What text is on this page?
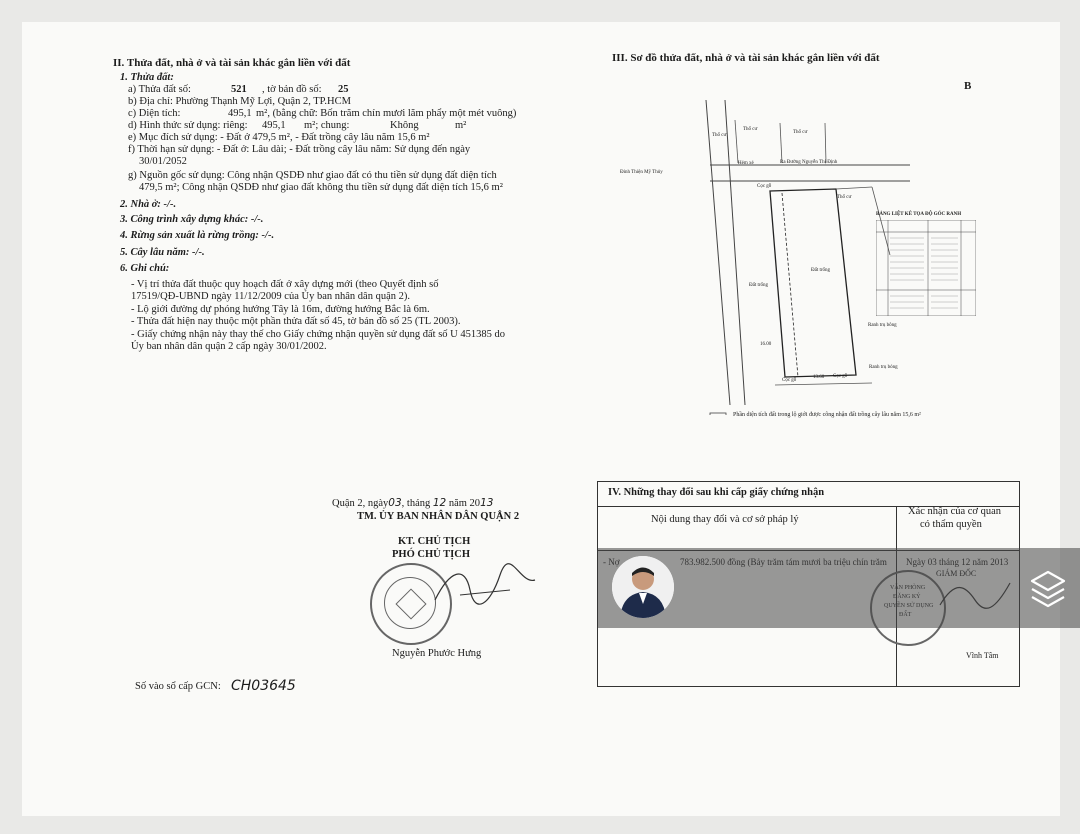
II. Thửa đất, nhà ở và tài sản khác gắn liền với đất
1. Thửa đất:
a) Thửa đất số:	521 , tờ bản đồ số: 25
b) Địa chỉ: Phường Thạnh Mỹ Lợi, Quận 2, TP.HCM
c) Diện tích:	495,1 m², (bằng chữ: Bốn trăm chín mươi lăm phẩy một mét vuông)
d) Hình thức sử dụng: riêng: 495,1 m²; chung:	Không	m²
e) Mục đích sử dụng: - Đất ở 479,5 m², - Đất trồng cây lâu năm 15,6 m²
f) Thời hạn sử dụng: - Đất ở: Lâu dài; - Đất trồng cây lâu năm: Sử dụng đến ngày
30/01/2052
g) Nguồn gốc sử dụng: Công nhận QSDĐ như giao đất có thu tiền sử dụng đất diện tích
479,5 m²; Công nhận QSDĐ như giao đất không thu tiền sử dụng đất diện tích 15,6 m²
2. Nhà ở: -/-.
3. Công trình xây dựng khác: -/-.
4. Rừng sản xuất là rừng trồng: -/-.
5. Cây lâu năm: -/-.
6. Ghi chú:
- Vị trí thửa đất thuộc quy hoạch đất ở xây dựng mới (theo Quyết định số
17519/QĐ-UBND ngày 11/12/2009 của Ủy ban nhân dân quận 2).
- Lộ giới đường dự phóng hướng Tây là 16m, đường hướng Bắc là 6m.
- Thửa đất hiện nay thuộc một phần thửa đất số 45, tờ bản đồ số 25 (TL 2003).
- Giấy chứng nhận này thay thế cho Giấy chứng nhận quyền sử dụng đất số U 451385 do
Ủy ban nhân dân quận 2 cấp ngày 30/01/2002.
Quận 2, ngày03, tháng 12 năm 2013
TM. ỦY BAN NHÂN DÂN QUẬN 2
KT. CHỦ TỊCH
PHÓ CHỦ TỊCH
Nguyễn Phước Hưng
Số vào sổ cấp GCN: CH03645
III. Sơ đồ thửa đất, nhà ở và tài sản khác gắn liền với đất
B
Thổ cư
Thổ cư
Thổ cư
Thổ cư
Ra Đường Nguyễn Thị Định
Đinh Thiện Mỹ Thủy
Hẻm xẻ
Cọc gỗ
Đất trống
Đất trống
16.00
Ranh trụ bông
Ranh trụ bóng
Cọc gỗ
Cọc gỗ
13.60
BẢNG LIỆT KÊ TỌA ĐỘ GÓC RANH
Phần diện tích đất trong lộ giới được công nhận đất trồng cây lâu năm 15,6 m²
IV. Những thay đổi sau khi cấp giấy chứng nhận
Nội dung thay đổi và cơ sở pháp lý
Xác nhận của cơ quan
có thẩm quyền
Vĩnh Tâm
